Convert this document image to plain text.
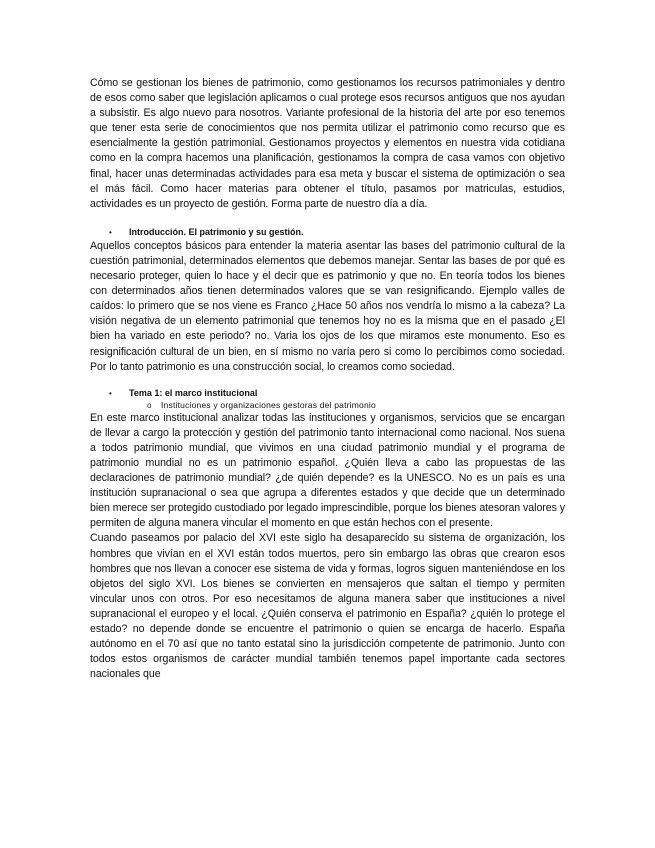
Cómo se gestionan los bienes de patrimonio, como gestionamos los recursos patrimoniales y dentro de esos como saber que legislación aplicamos o cual protege esos recursos antiguos que nos ayudan a subsistir. Es algo nuevo para nosotros. Variante profesional de la historia del arte por eso tenemos que tener esta serie de conocimientos que nos permita utilizar el patrimonio como recurso que es esencialmente la gestión patrimonial. Gestionamos proyectos y elementos en nuestra vida cotidiana como en la compra hacemos una planificación, gestionamos la compra de casa vamos con objetivo final, hacer unas determinadas actividades para esa meta y buscar el sistema de optimización o sea el más fácil. Como hacer materias para obtener el título, pasamos por matriculas, estudios, actividades es un proyecto de gestión. Forma parte de nuestro día a día.

•	Introducción. El patrimonio y su gestión.

Aquellos conceptos básicos para entender la materia asentar las bases del patrimonio cultural de la cuestión patrimonial, determinados elementos que debemos manejar. Sentar las bases de por qué es necesario proteger, quien lo hace y el decir que es patrimonio y que no. En teoría todos los bienes con determinados años tienen determinados valores que se van resignificando. Ejemplo valles de caídos: lo primero que se nos viene es Franco ¿Hace 50 años nos vendría lo mismo a la cabeza? La visión negativa de un elemento patrimonial que tenemos hoy no es la misma que en el pasado ¿El bien ha variado en este periodo? no. Varia los ojos de los que miramos este monumento. Eso es resignificación cultural de un bien, en sí mismo no varía pero si como lo percibimos como sociedad. Por lo tanto patrimonio es una construcción social, lo creamos como sociedad.

•	Tema 1: el marco institucional
o	Instituciones y organizaciones gestoras del patrimonio

En este marco institucional analizar todas las instituciones y organismos, servicios que se encargan de llevar a cargo la protección y gestión del patrimonio tanto internacional como nacional. Nos suena a todos patrimonio mundial, que vivimos en una ciudad patrimonio mundial y el programa de patrimonio mundial no es un patrimonio español. ¿Quién lleva a cabo las propuestas de las declaraciones de patrimonio mundial? ¿de quién depende? es la UNESCO. No es un país es una institución supranacional o sea que agrupa a diferentes estados y que decide que un determinado bien merece ser protegido custodiado por legado imprescindible, porque los bienes atesoran valores y permiten de alguna manera vincular el momento en que están hechos con el presente.

Cuando paseamos por palacio del XVI este siglo ha desaparecido su sistema de organización, los hombres que vivían en el XVI están todos muertos, pero sin embargo las obras que crearon esos hombres que nos llevan a conocer ese sistema de vida y formas, logros siguen manteniéndose en los objetos del siglo XVI. Los bienes se convierten en mensajeros que saltan el tiempo y permiten vincular unos con otros. Por eso necesitamos de alguna manera saber que instituciones a nivel supranacional el europeo y el local. ¿Quién conserva el patrimonio en España? ¿quién lo protege el estado? no depende donde se encuentre el patrimonio o quien se encarga de hacerlo. España autónomo en el 70 así que no tanto estatal sino la jurisdicción competente de patrimonio. Junto con todos estos organismos de carácter mundial también tenemos papel importante cada sectores nacionales que
